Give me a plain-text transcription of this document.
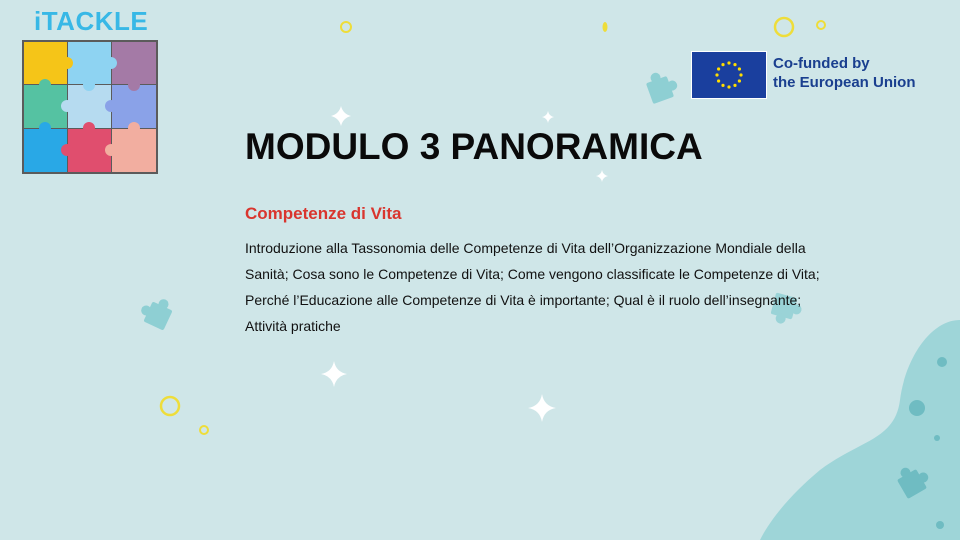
iTACKLE
Co-funded by
the European Union
MODULO 3 PANORAMICA
Competenze di Vita

Introduzione alla Tassonomia delle Competenze di Vita dell’Organizzazione Mondiale della Sanità; Cosa sono le Competenze di Vita; Come vengono classificate le Competenze di Vita; Perché l’Educazione alle Competenze di Vita è importante; Qual è il ruolo dell’insegnante; Attività pratiche
